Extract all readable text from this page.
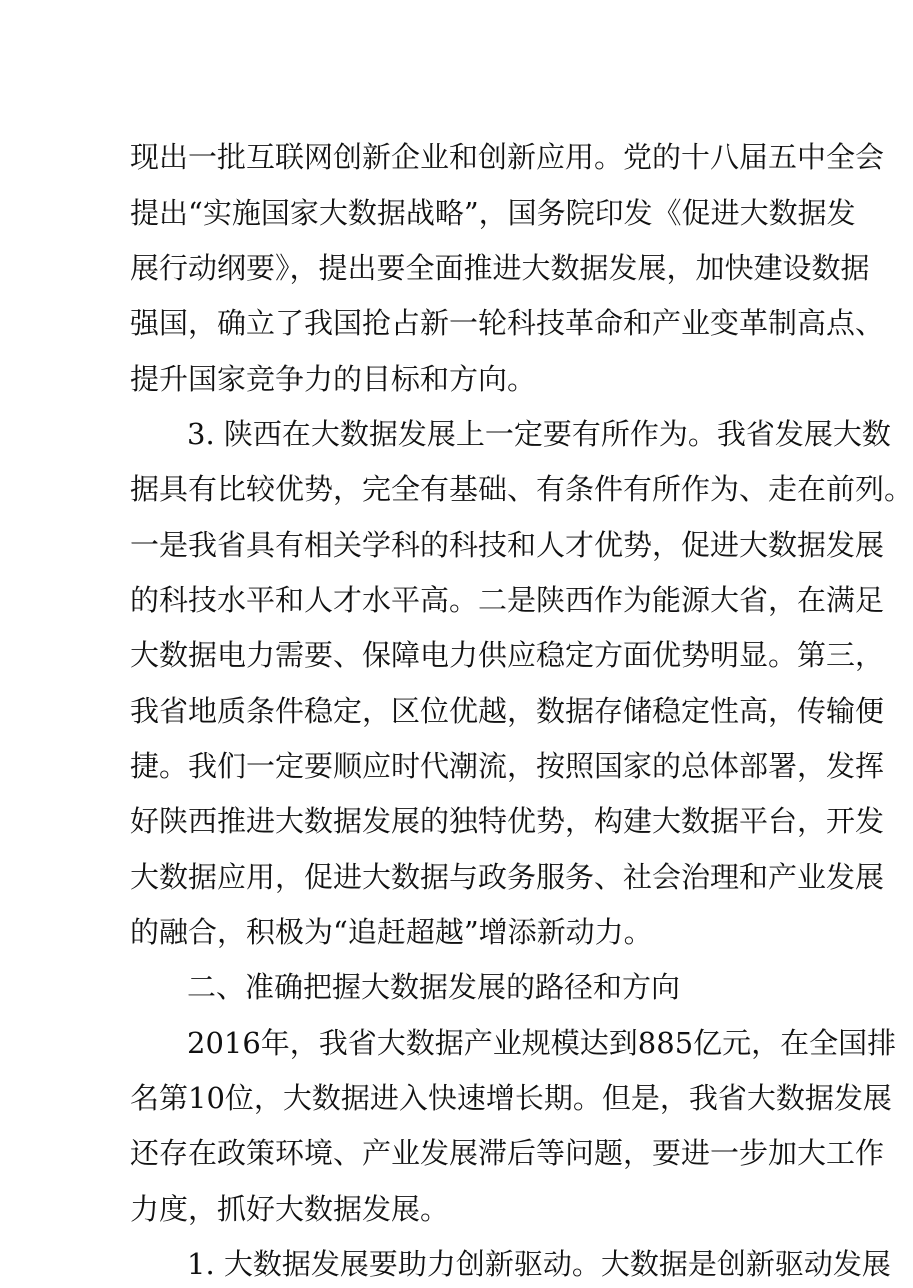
现出一批互联网创新企业和创新应用。党的十八届五中全会
提出“实施国家大数据战略”，国务院印发《促进大数据发
展行动纲要》，提出要全面推进大数据发展，加快建设数据
强国，确立了我国抢占新一轮科技革命和产业变革制高点、
提升国家竞争力的目标和方向。
3. 陕西在大数据发展上一定要有所作为。我省发展大数
据具有比较优势，完全有基础、有条件有所作为、走在前列。
一是我省具有相关学科的科技和人才优势，促进大数据发展
的科技水平和人才水平高。二是陕西作为能源大省，在满足
大数据电力需要、保障电力供应稳定方面优势明显。第三，
我省地质条件稳定，区位优越，数据存储稳定性高，传输便
捷。我们一定要顺应时代潮流，按照国家的总体部署，发挥
好陕西推进大数据发展的独特优势，构建大数据平台，开发
大数据应用，促进大数据与政务服务、社会治理和产业发展
的融合，积极为“追赶超越”增添新动力。
二、准确把握大数据发展的路径和方向
2016年，我省大数据产业规模达到885亿元，在全国排
名第10位，大数据进入快速增长期。但是，我省大数据发展
还存在政策环境、产业发展滞后等问题，要进一步加大工作
力度，抓好大数据发展。
1. 大数据发展要助力创新驱动。大数据是创新驱动发展
